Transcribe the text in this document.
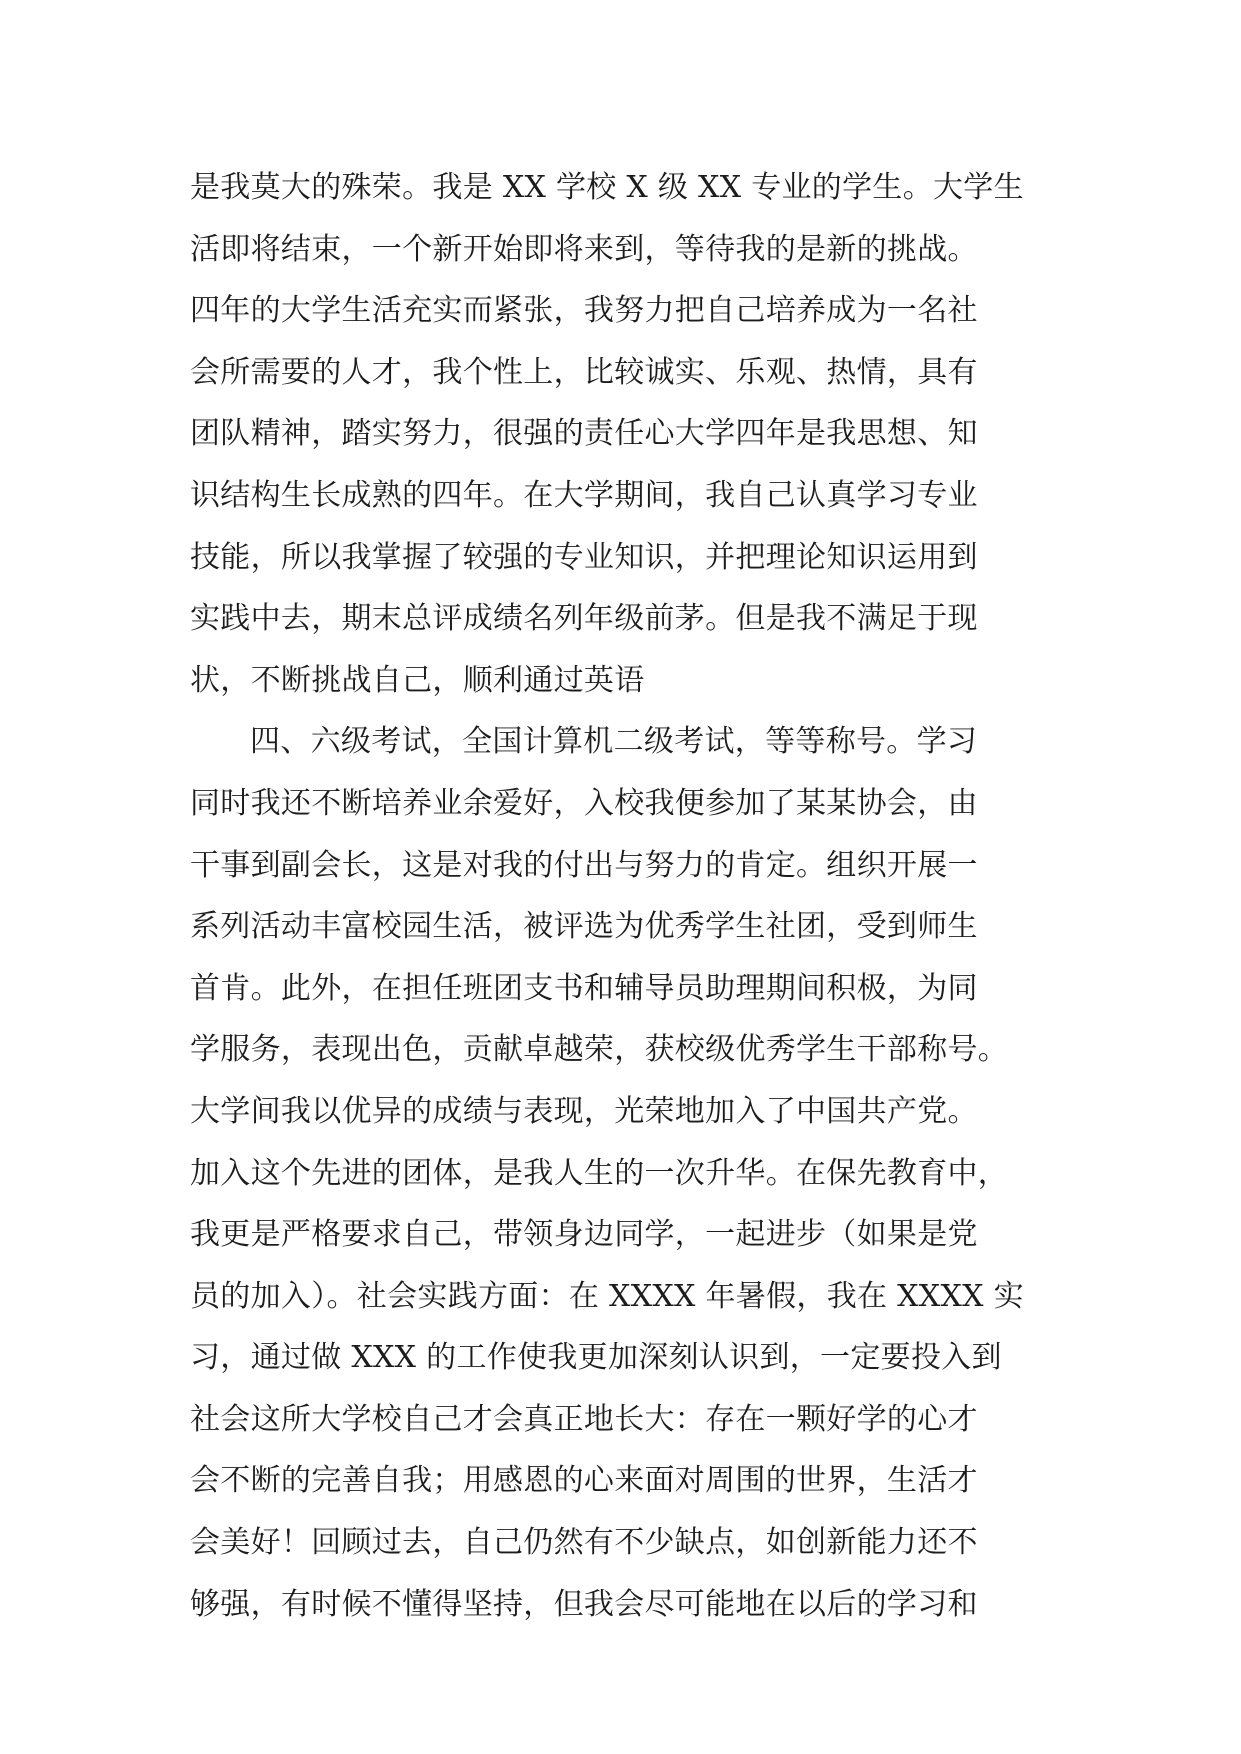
是我莫大的殊荣。我是 XX 学校 X 级 XX 专业的学生。大学生
活即将结束，一个新开始即将来到，等待我的是新的挑战。
四年的大学生活充实而紧张，我努力把自己培养成为一名社
会所需要的人才，我个性上，比较诚实、乐观、热情，具有
团队精神，踏实努力，很强的责任心大学四年是我思想、知
识结构生长成熟的四年。在大学期间，我自己认真学习专业
技能，所以我掌握了较强的专业知识，并把理论知识运用到
实践中去，期末总评成绩名列年级前茅。但是我不满足于现
状，不断挑战自己，顺利通过英语
四、六级考试，全国计算机二级考试，等等称号。学习
同时我还不断培养业余爱好，入校我便参加了某某协会，由
干事到副会长，这是对我的付出与努力的肯定。组织开展一
系列活动丰富校园生活，被评选为优秀学生社团，受到师生
首肯。此外，在担任班团支书和辅导员助理期间积极，为同
学服务，表现出色，贡献卓越荣，获校级优秀学生干部称号。
大学间我以优异的成绩与表现，光荣地加入了中国共产党。
加入这个先进的团体，是我人生的一次升华。在保先教育中，
我更是严格要求自己，带领身边同学，一起进步（如果是党
员的加入）。社会实践方面：在 XXXX 年暑假，我在 XXXX 实
习，通过做 XXX 的工作使我更加深刻认识到，一定要投入到
社会这所大学校自己才会真正地长大：存在一颗好学的心才
会不断的完善自我；用感恩的心来面对周围的世界，生活才
会美好！回顾过去，自己仍然有不少缺点，如创新能力还不
够强，有时候不懂得坚持，但我会尽可能地在以后的学习和
